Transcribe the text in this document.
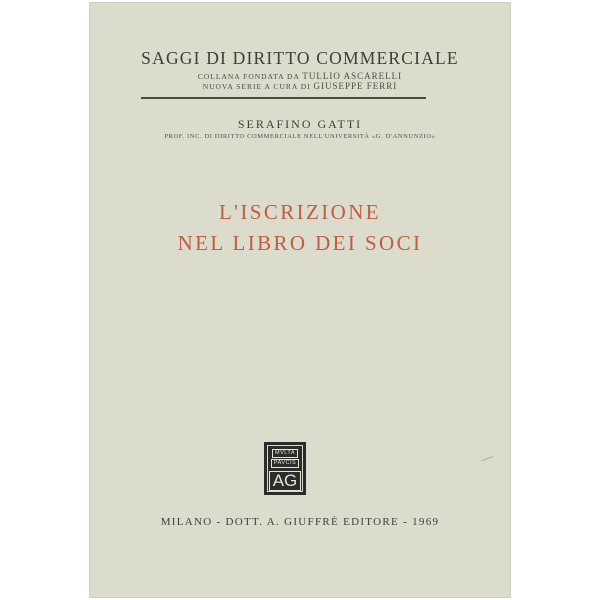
SAGGI DI DIRITTO COMMERCIALE
COLLANA FONDATA DA TULLIO ASCARELLI
NUOVA SERIE A CURA DI GIUSEPPE FERRI
SERAFINO GATTI
PROF. INC. DI DIRITTO COMMERCIALE NELL'UNIVERSITÀ «G. D'ANNUNZIO»
L'ISCRIZIONE
NEL LIBRO DEI SOCI
MVLTA
PAVCIS
AG
MILANO - DOTT. A. GIUFFRÈ EDITORE - 1969
